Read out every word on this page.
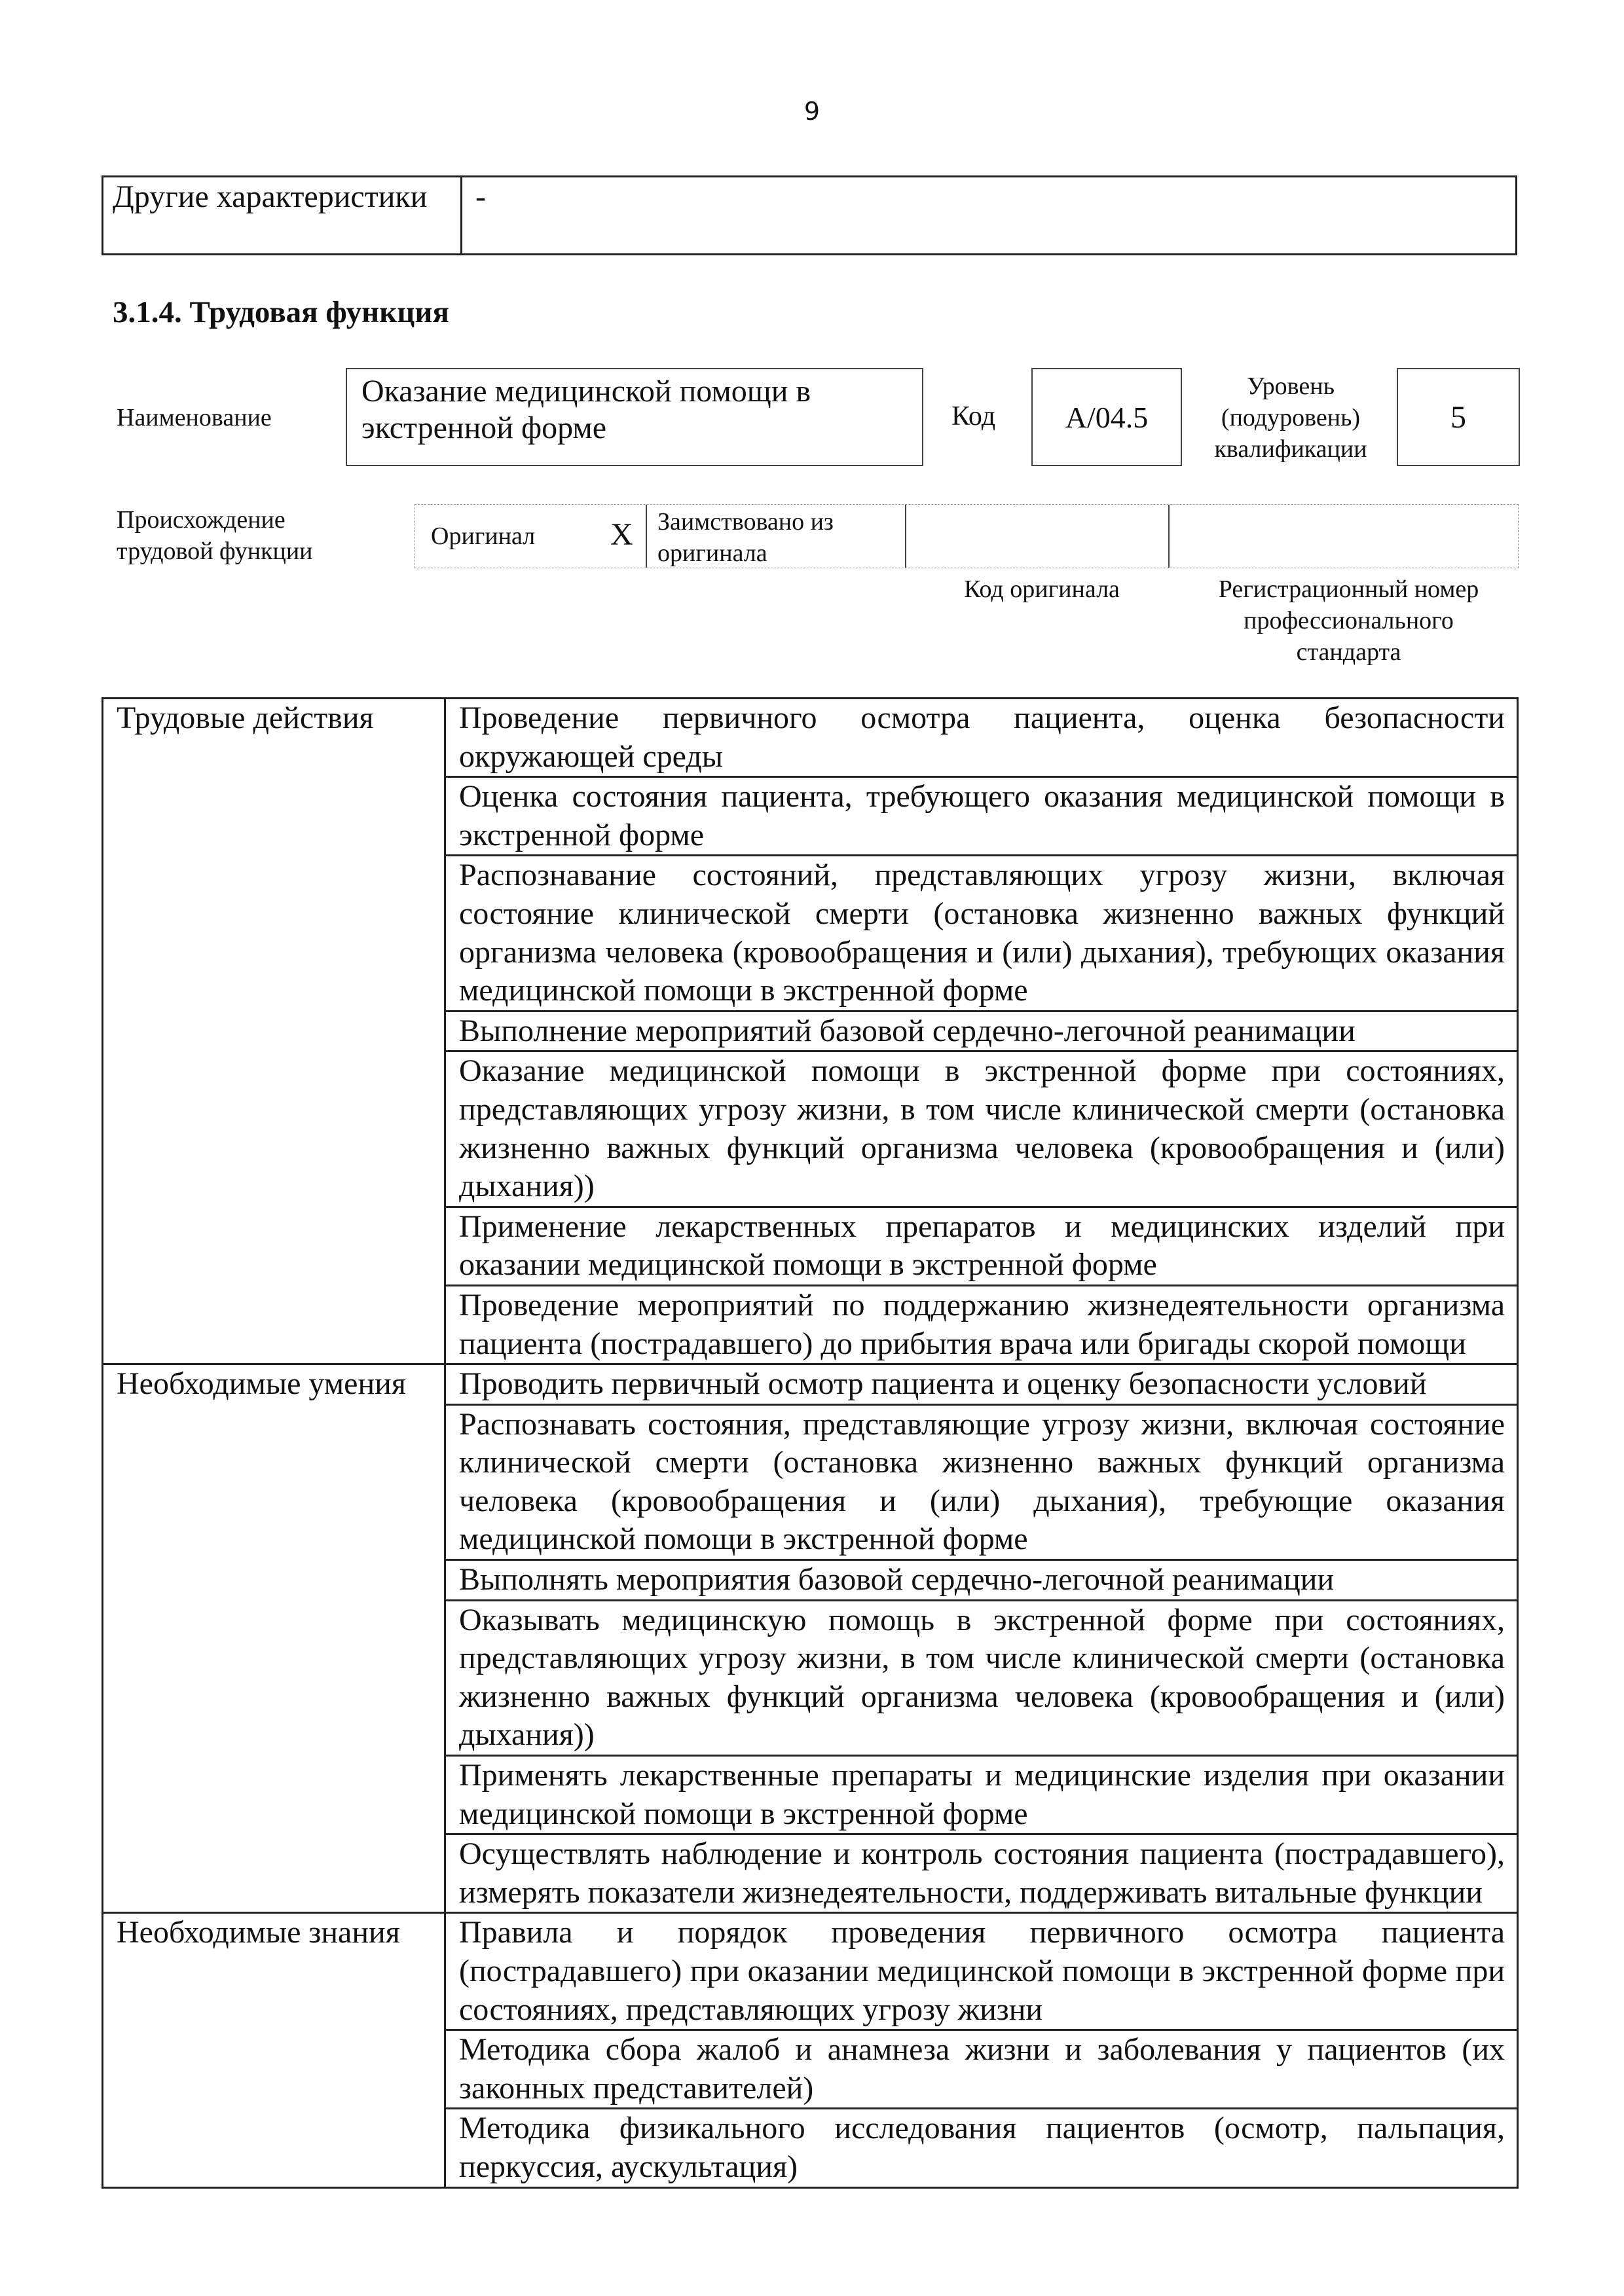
9
Другие характеристики	-
3.1.4. Трудовая функция
Наименование
Оказание медицинской помощи в экстренной форме	Код A/04.5
Уровень
(подуровень)
квалификации
5
Происхождение
трудовой функции
Оригинал X Заимствовано из
оригинала
Код оригинала	Регистрационный номер
профессионального
стандарта
Трудовые действия	Проведение первичного осмотра пациента, оценка безопасности окружающей среды
	Оценка состояния пациента, требующего оказания медицинской помощи в экстренной форме
	Распознавание состояний, представляющих угрозу жизни, включая состояние клинической смерти (остановка жизненно важных функций организма человека (кровообращения и (или) дыхания), требующих оказания медицинской помощи в экстренной форме
	Выполнение мероприятий базовой сердечно-легочной реанимации
	Оказание медицинской помощи в экстренной форме при состояниях, представляющих угрозу жизни, в том числе клинической смерти (остановка жизненно важных функций организма человека (кровообращения и (или) дыхания))
	Применение лекарственных препаратов и медицинских изделий при оказании медицинской помощи в экстренной форме
	Проведение мероприятий по поддержанию жизнедеятельности организма пациента (пострадавшего) до прибытия врача или бригады скорой помощи
Необходимые умения	Проводить первичный осмотр пациента и оценку безопасности условий
	Распознавать состояния, представляющие угрозу жизни, включая состояние клинической смерти (остановка жизненно важных функций организма человека (кровообращения и (или) дыхания), требующие оказания медицинской помощи в экстренной форме
	Выполнять мероприятия базовой сердечно-легочной реанимации
	Оказывать медицинскую помощь в экстренной форме при состояниях, представляющих угрозу жизни, в том числе клинической смерти (остановка жизненно важных функций организма человека (кровообращения и (или) дыхания))
	Применять лекарственные препараты и медицинские изделия при оказании медицинской помощи в экстренной форме
	Осуществлять наблюдение и контроль состояния пациента (пострадавшего), измерять показатели жизнедеятельности, поддерживать витальные функции
Необходимые знания	Правила и порядок проведения первичного осмотра пациента (пострадавшего) при оказании медицинской помощи в экстренной форме при состояниях, представляющих угрозу жизни
	Методика сбора жалоб и анамнеза жизни и заболевания у пациентов (их законных представителей)
	Методика физикального исследования пациентов (осмотр, пальпация, перкуссия, аускультация)
